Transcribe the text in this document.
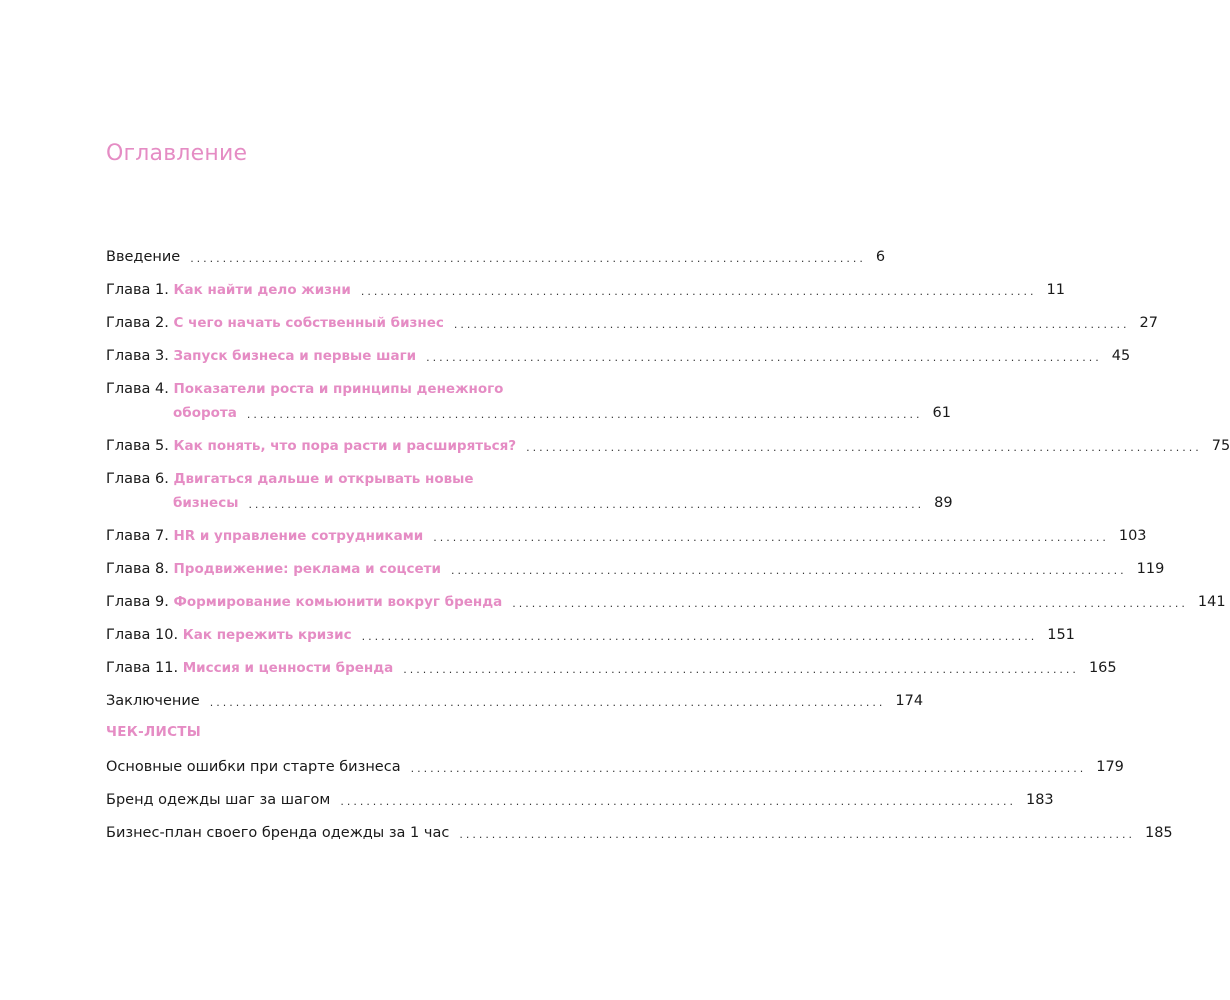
Оглавление
Введение ........................................................................................................ 6
Глава 1. Как найти дело жизни ........................................................................................................ 11
Глава 2. С чего начать собственный бизнес ........................................................................................................ 27
Глава 3. Запуск бизнеса и первые шаги ........................................................................................................ 45
Глава 4. Показатели роста и принципы денежного
оборота ........................................................................................................ 61
Глава 5. Как понять, что пора расти и расширяться? ........................................................................................................ 75
Глава 6. Двигаться дальше и открывать новые
бизнесы ........................................................................................................ 89
Глава 7. HR и управление сотрудниками ........................................................................................................ 103
Глава 8. Продвижение: реклама и соцсети ........................................................................................................ 119
Глава 9. Формирование комьюнити вокруг бренда ........................................................................................................ 141
Глава 10. Как пережить кризис ........................................................................................................ 151
Глава 11. Миссия и ценности бренда ........................................................................................................ 165
Заключение ........................................................................................................ 174
ЧЕК-ЛИСТЫ
Основные ошибки при старте бизнеса ........................................................................................................ 179
Бренд одежды шаг за шагом ........................................................................................................ 183
Бизнес-план своего бренда одежды за 1 час ........................................................................................................ 185
